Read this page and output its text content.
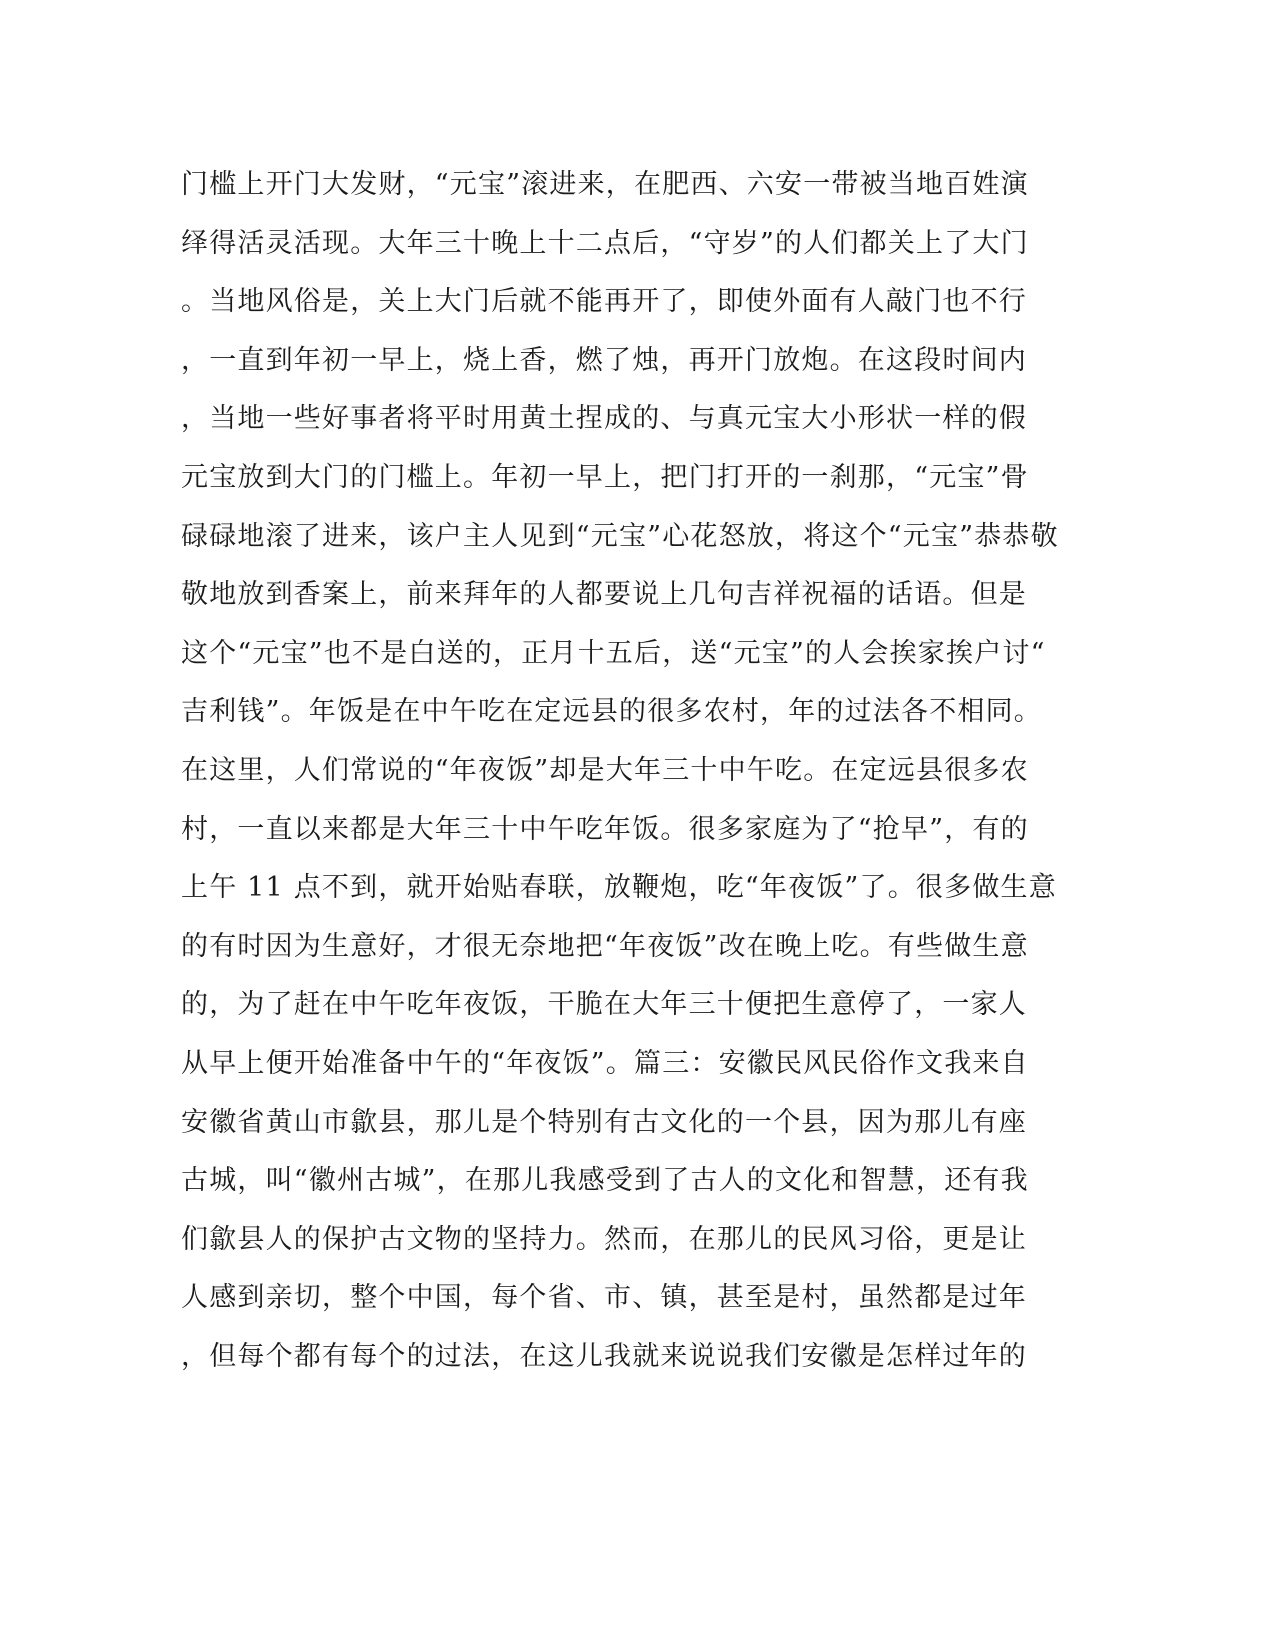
门槛上开门大发财，“元宝”滚进来，在肥西、六安一带被当地百姓演
绎得活灵活现。大年三十晚上十二点后，“守岁”的人们都关上了大门
。当地风俗是，关上大门后就不能再开了，即使外面有人敲门也不行
，一直到年初一早上，烧上香，燃了烛，再开门放炮。在这段时间内
，当地一些好事者将平时用黄土捏成的、与真元宝大小形状一样的假
元宝放到大门的门槛上。年初一早上，把门打开的一刹那，“元宝”骨
碌碌地滚了进来，该户主人见到“元宝”心花怒放，将这个“元宝”恭恭敬
敬地放到香案上，前来拜年的人都要说上几句吉祥祝福的话语。但是
这个“元宝”也不是白送的，正月十五后，送“元宝”的人会挨家挨户讨“
吉利钱”。年饭是在中午吃在定远县的很多农村，年的过法各不相同。
在这里，人们常说的“年夜饭”却是大年三十中午吃。在定远县很多农
村，一直以来都是大年三十中午吃年饭。很多家庭为了“抢早”，有的
上午 11 点不到，就开始贴春联，放鞭炮，吃“年夜饭”了。很多做生意
的有时因为生意好，才很无奈地把“年夜饭”改在晚上吃。有些做生意
的，为了赶在中午吃年夜饭，干脆在大年三十便把生意停了，一家人
从早上便开始准备中午的“年夜饭”。篇三：安徽民风民俗作文我来自
安徽省黄山市歙县，那儿是个特别有古文化的一个县，因为那儿有座
古城，叫“徽州古城”，在那儿我感受到了古人的文化和智慧，还有我
们歙县人的保护古文物的坚持力。然而，在那儿的民风习俗，更是让
人感到亲切，整个中国，每个省、市、镇，甚至是村，虽然都是过年
，但每个都有每个的过法，在这儿我就来说说我们安徽是怎样过年的
